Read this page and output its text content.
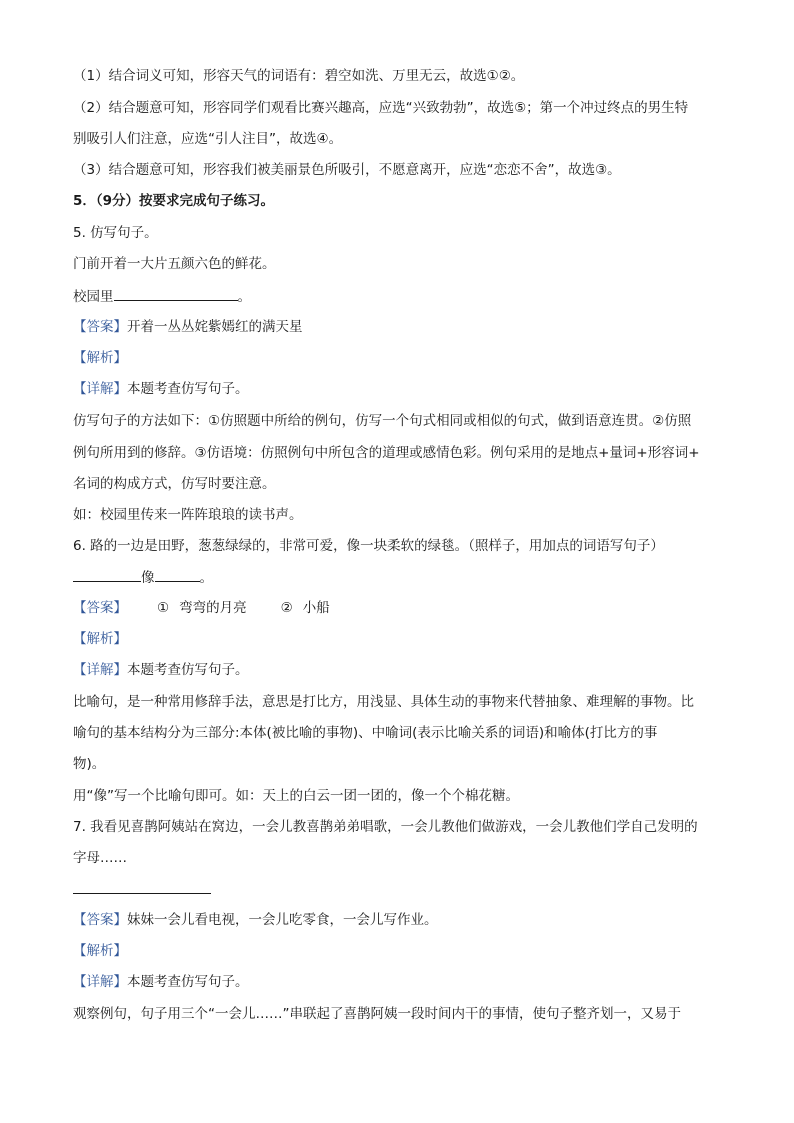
（1）结合词义可知，形容天气的词语有：碧空如洗、万里无云，故选①②。
（2）结合题意可知，形容同学们观看比赛兴趣高，应选“兴致勃勃”，故选⑤；第一个冲过终点的男生特
别吸引人们注意，应选“引人注目”，故选④。
（3）结合题意可知，形容我们被美丽景色所吸引，不愿意离开，应选“恋恋不舍”，故选③。
5．（9分）按要求完成句子练习。
5. 仿写句子。
门前开着一大片五颜六色的鲜花。
校园里	。
【答案】开着一丛丛姹紫嫣红的满天星
【解析】
【详解】本题考查仿写句子。
仿写句子的方法如下：①仿照题中所给的例句，仿写一个句式相同或相似的句式，做到语意连贯。②仿照
例句所用到的修辞。③仿语境：仿照例句中所包含的道理或感情色彩。例句采用的是地点+量词+形容词+
名词的构成方式，仿写时要注意。
如：校园里传来一阵阵琅琅的读书声。
6. 路的一边是田野，葱葱绿绿的，非常可爱，像一块柔软的绿毯。（照样子，用加点的词语写句子）
像	。
【答案】 ① 弯弯的月亮	② 小船
【解析】
【详解】本题考查仿写句子。
比喻句，是一种常用修辞手法，意思是打比方，用浅显、具体生动的事物来代替抽象、难理解的事物。比
喻句的基本结构分为三部分:本体(被比喻的事物)、中喻词(表示比喻关系的词语)和喻体(打比方的事
物)。
用“像”写一个比喻句即可。如：天上的白云一团一团的，像一个个棉花糖。
7. 我看见喜鹊阿姨站在窝边，一会儿教喜鹊弟弟唱歌，一会儿教他们做游戏，一会儿教他们学自己发明的
字母……
【答案】妹妹一会儿看电视，一会儿吃零食，一会儿写作业。
【解析】
【详解】本题考查仿写句子。
观察例句，句子用三个“一会儿……”串联起了喜鹊阿姨一段时间内干的事情，使句子整齐划一，又易于
